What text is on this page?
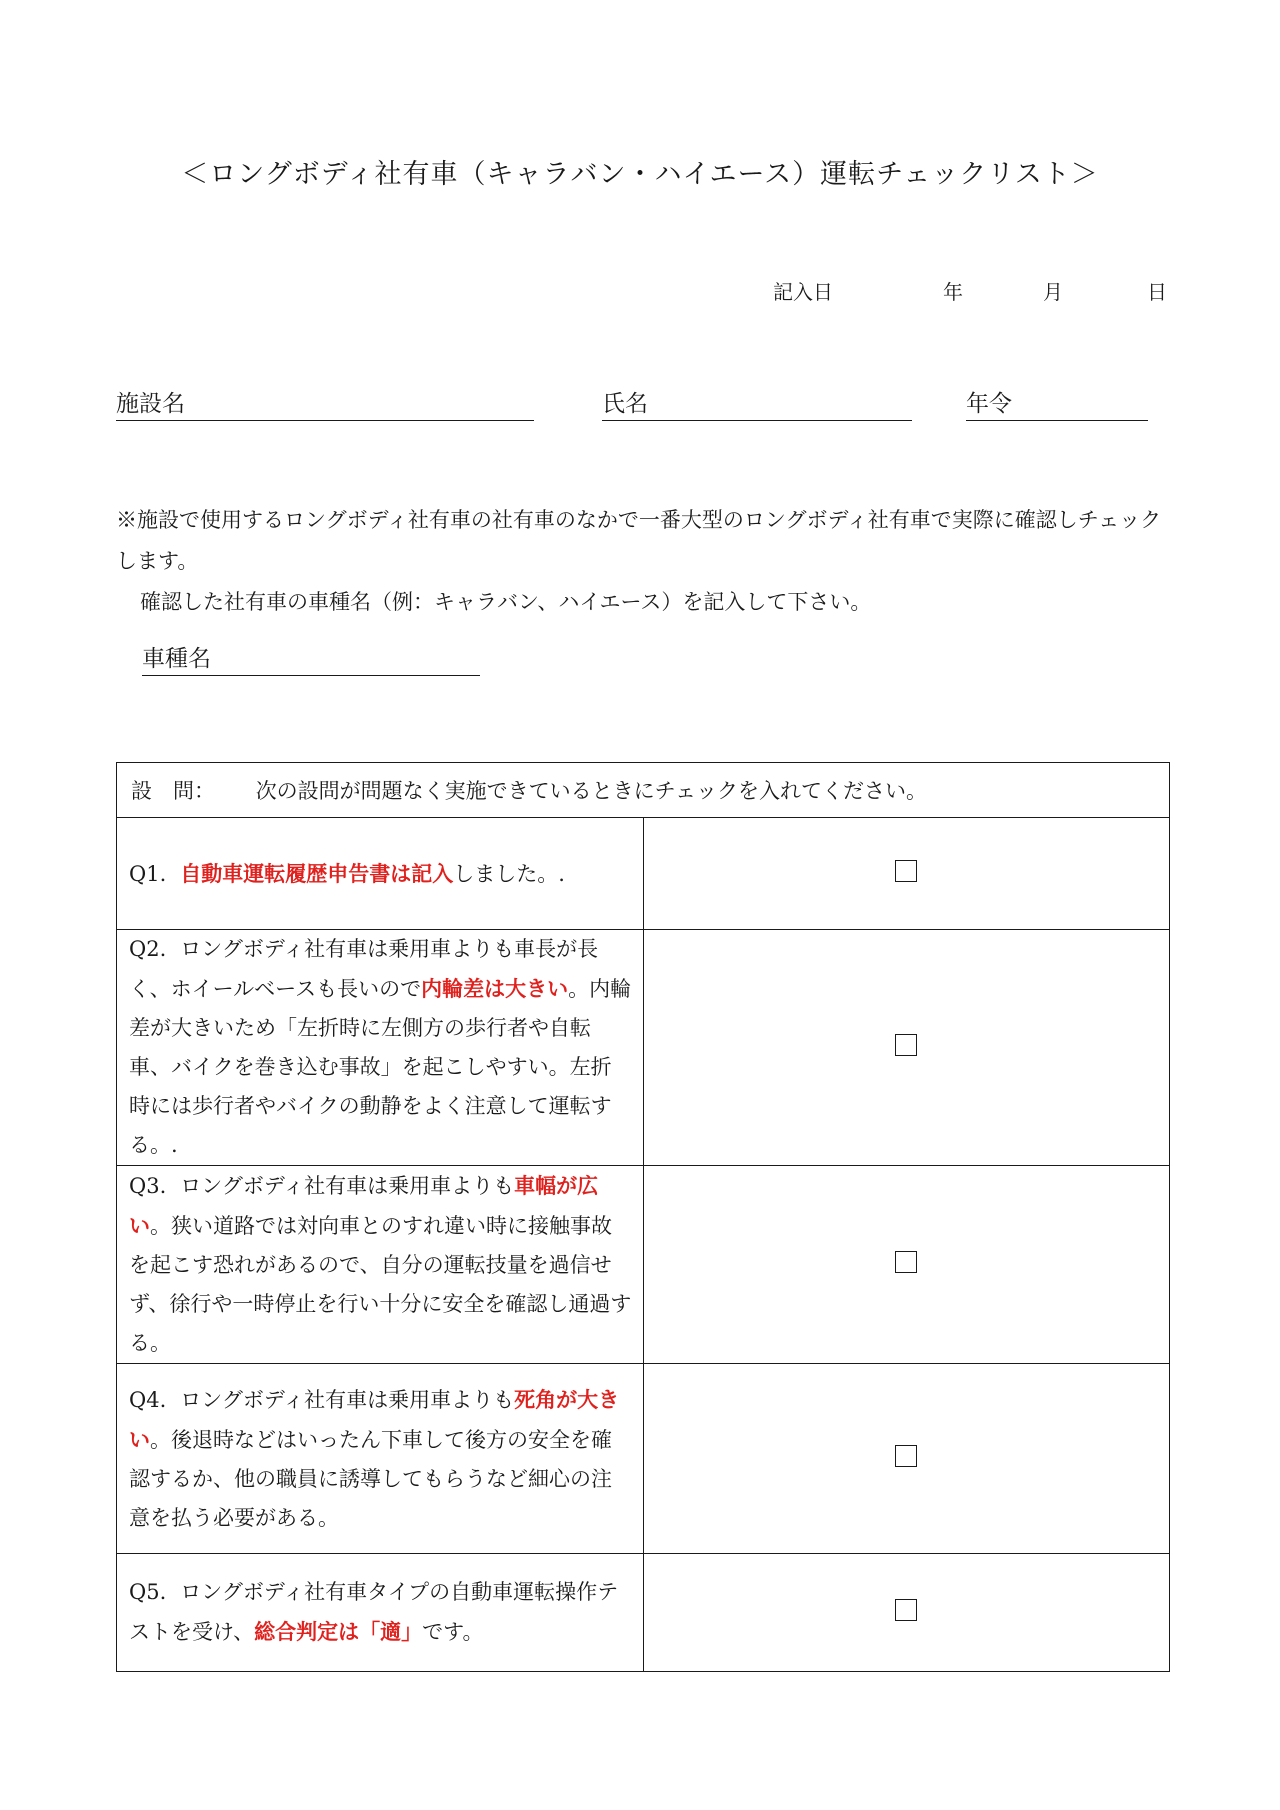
＜ロングボディ社有車（キャラバン・ハイエース）運転チェックリスト＞
記入日	年	月	日
施設名	氏名	年令
※施設で使用するロングボディ社有車の社有車のなかで一番大型のロングボディ社有車で実際に確認しチェックします。
確認した社有車の車種名（例：キャラバン、ハイエース）を記入して下さい。
車種名
設　問： 次の設問が問題なく実施できているときにチェックを入れてください。	
Q1. 自動車運転履歴申告書は記入しました。.	
Q2. ロングボディ社有車は乗用車よりも車長が長く、ホイールベースも長いので内輪差は大きい。内輪差が大きいため「左折時に左側方の歩行者や自転車、バイクを巻き込む事故」を起こしやすい。左折時には歩行者やバイクの動静をよく注意して運転する。.	
Q3. ロングボディ社有車は乗用車よりも車幅が広い。狭い道路では対向車とのすれ違い時に接触事故を起こす恐れがあるので、自分の運転技量を過信せず、徐行や一時停止を行い十分に安全を確認し通過する。	
Q4. ロングボディ社有車は乗用車よりも死角が大きい。後退時などはいったん下車して後方の安全を確認するか、他の職員に誘導してもらうなど細心の注意を払う必要がある。	
Q5. ロングボディ社有車タイプの自動車運転操作テストを受け、総合判定は「適」です。	
